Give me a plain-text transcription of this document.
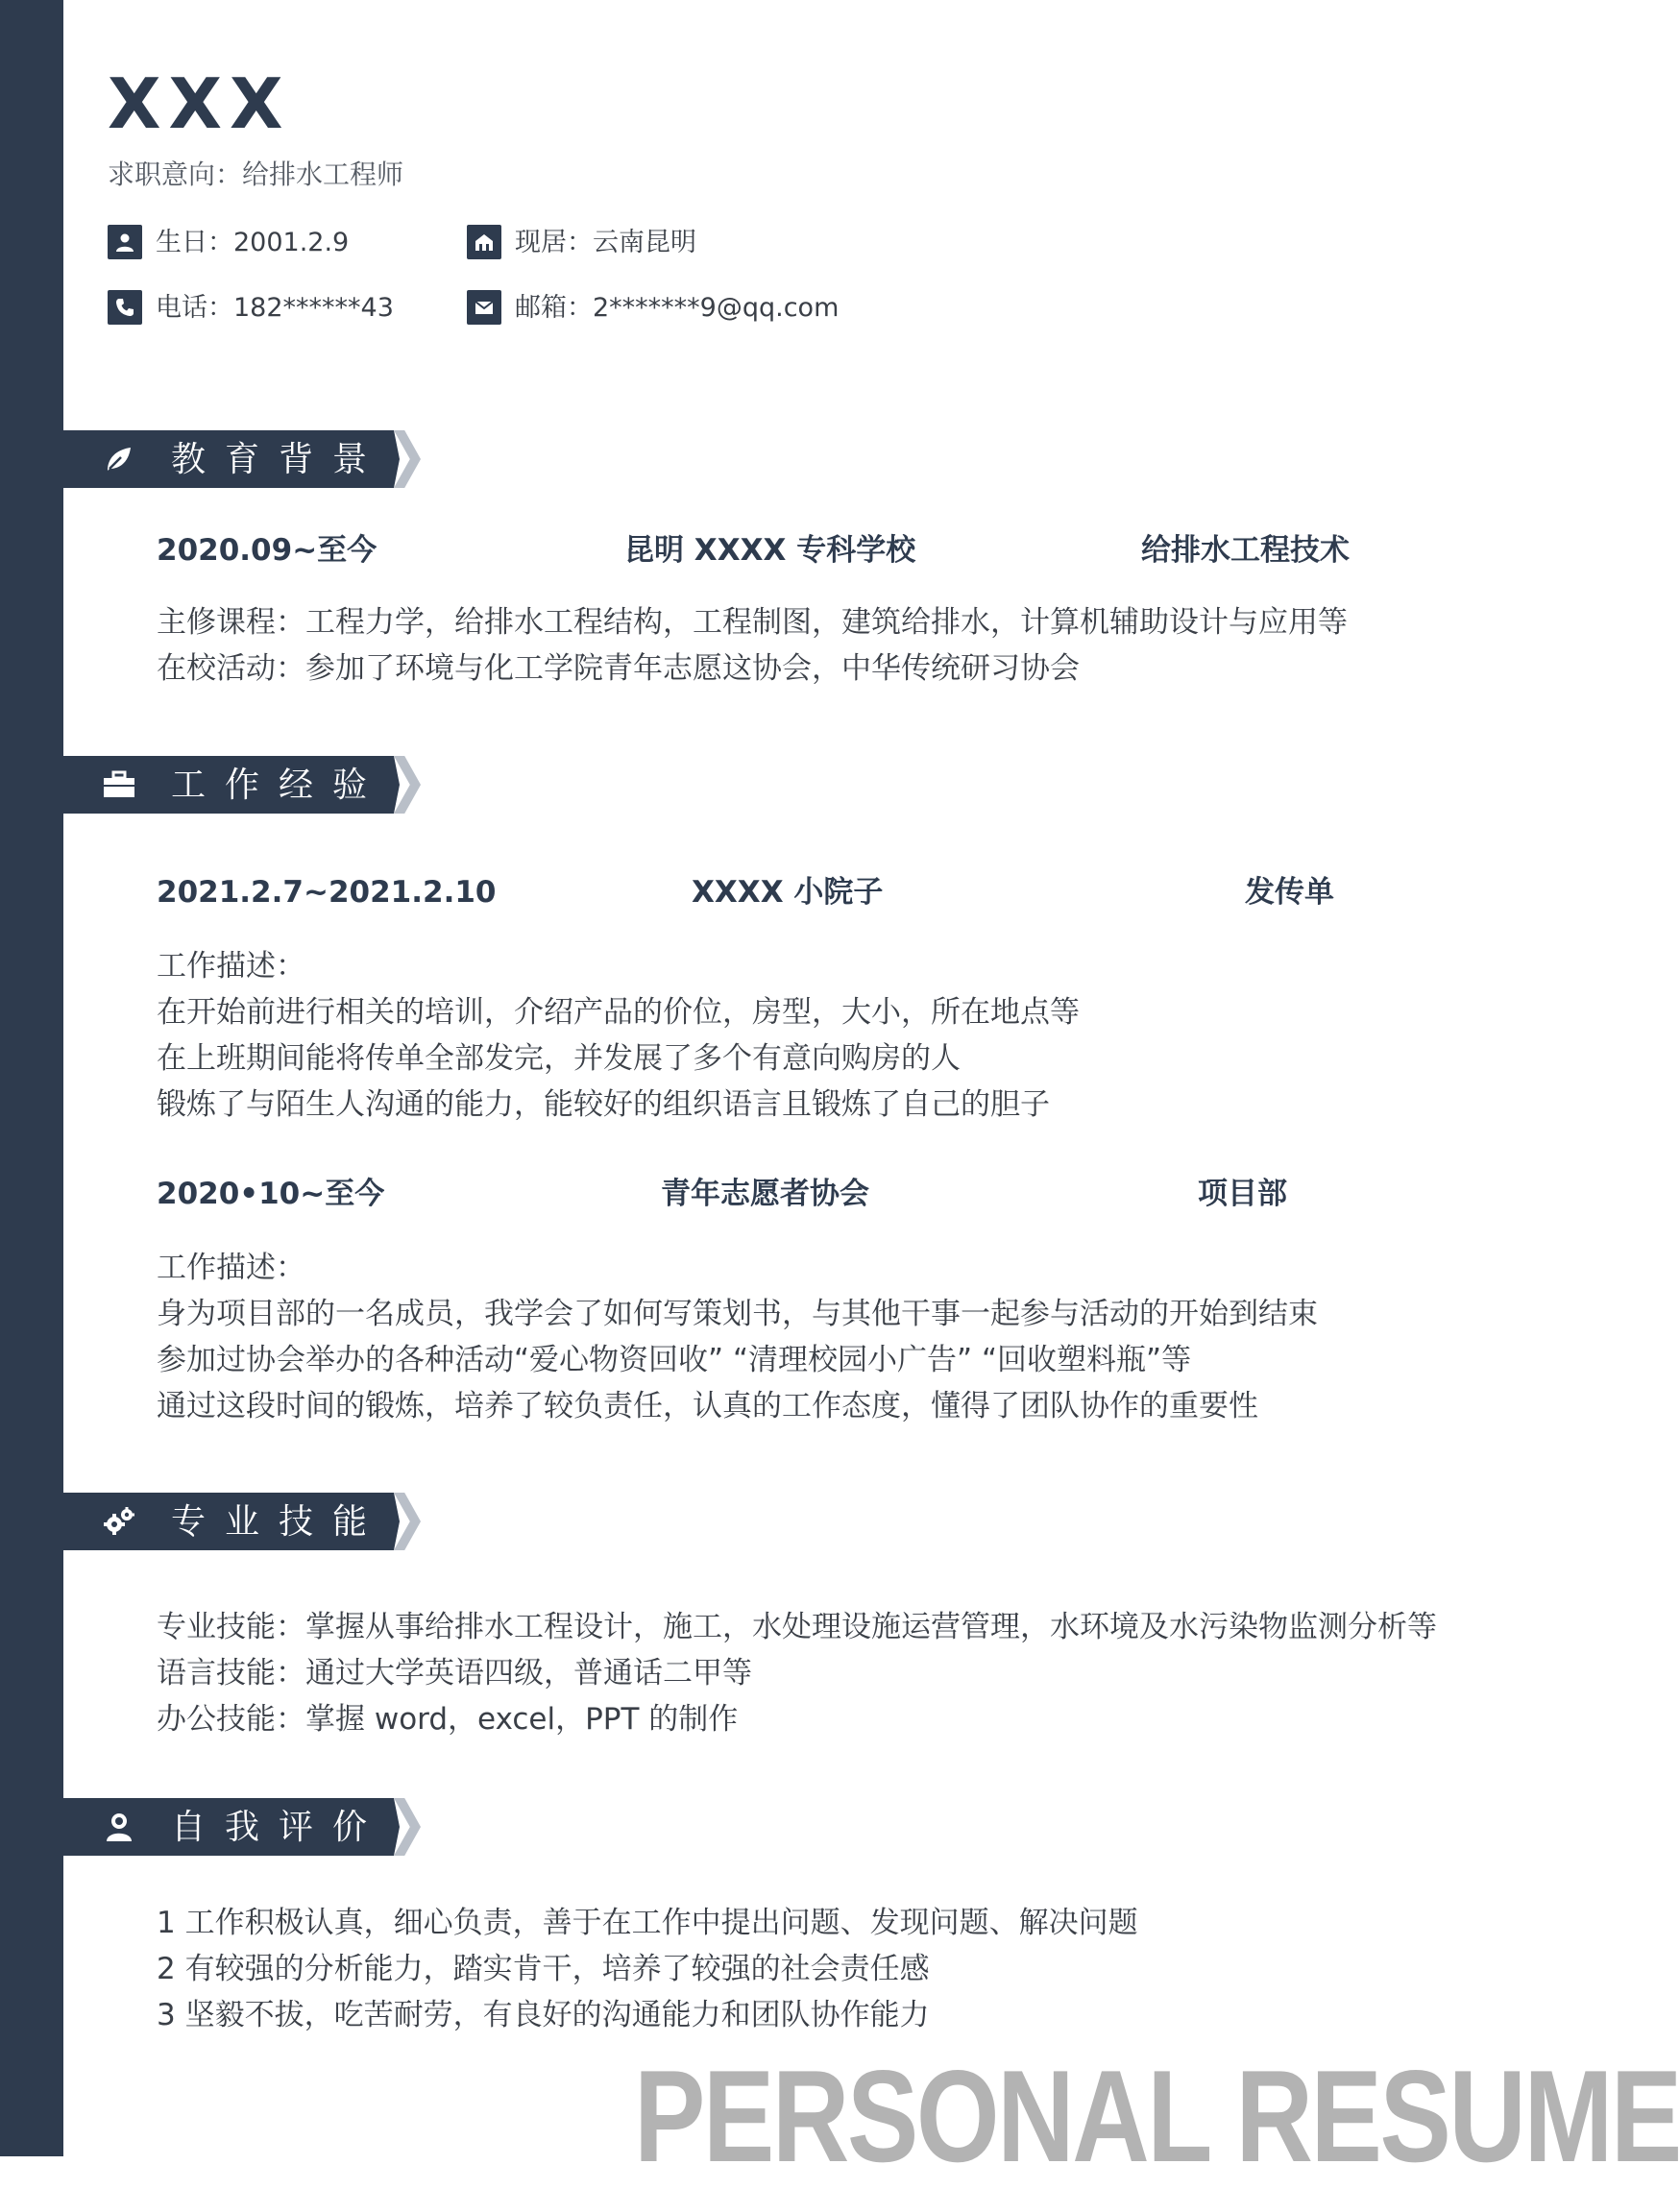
XXX
求职意向：给排水工程师
生日：2001.2.9	现居：云南昆明
电话：182******43	邮箱：2*******9@qq.com
教育背景
2020.09~至今	昆明 XXXX 专科学校	给排水工程技术
主修课程：工程力学，给排水工程结构，工程制图，建筑给排水，计算机辅助设计与应用等
在校活动：参加了环境与化工学院青年志愿这协会，中华传统研习协会
工作经验
2021.2.7~2021.2.10	XXXX 小院子	发传单
工作描述：
在开始前进行相关的培训，介绍产品的价位，房型，大小，所在地点等
在上班期间能将传单全部发完，并发展了多个有意向购房的人
锻炼了与陌生人沟通的能力，能较好的组织语言且锻炼了自己的胆子
2020•10~至今	青年志愿者协会	项目部
工作描述：
身为项目部的一名成员，我学会了如何写策划书，与其他干事一起参与活动的开始到结束
参加过协会举办的各种活动“爱心物资回收” “清理校园小广告” “回收塑料瓶”等
通过这段时间的锻炼，培养了较负责任，认真的工作态度，懂得了团队协作的重要性
专业技能
专业技能：掌握从事给排水工程设计，施工，水处理设施运营管理，水环境及水污染物监测分析等
语言技能：通过大学英语四级，普通话二甲等
办公技能：掌握 word，excel，PPT 的制作
自我评价
1 工作积极认真，细心负责，善于在工作中提出问题、发现问题、解决问题
2 有较强的分析能力，踏实肯干，培养了较强的社会责任感
3 坚毅不拔，吃苦耐劳，有良好的沟通能力和团队协作能力
PERSONAL RESUME
